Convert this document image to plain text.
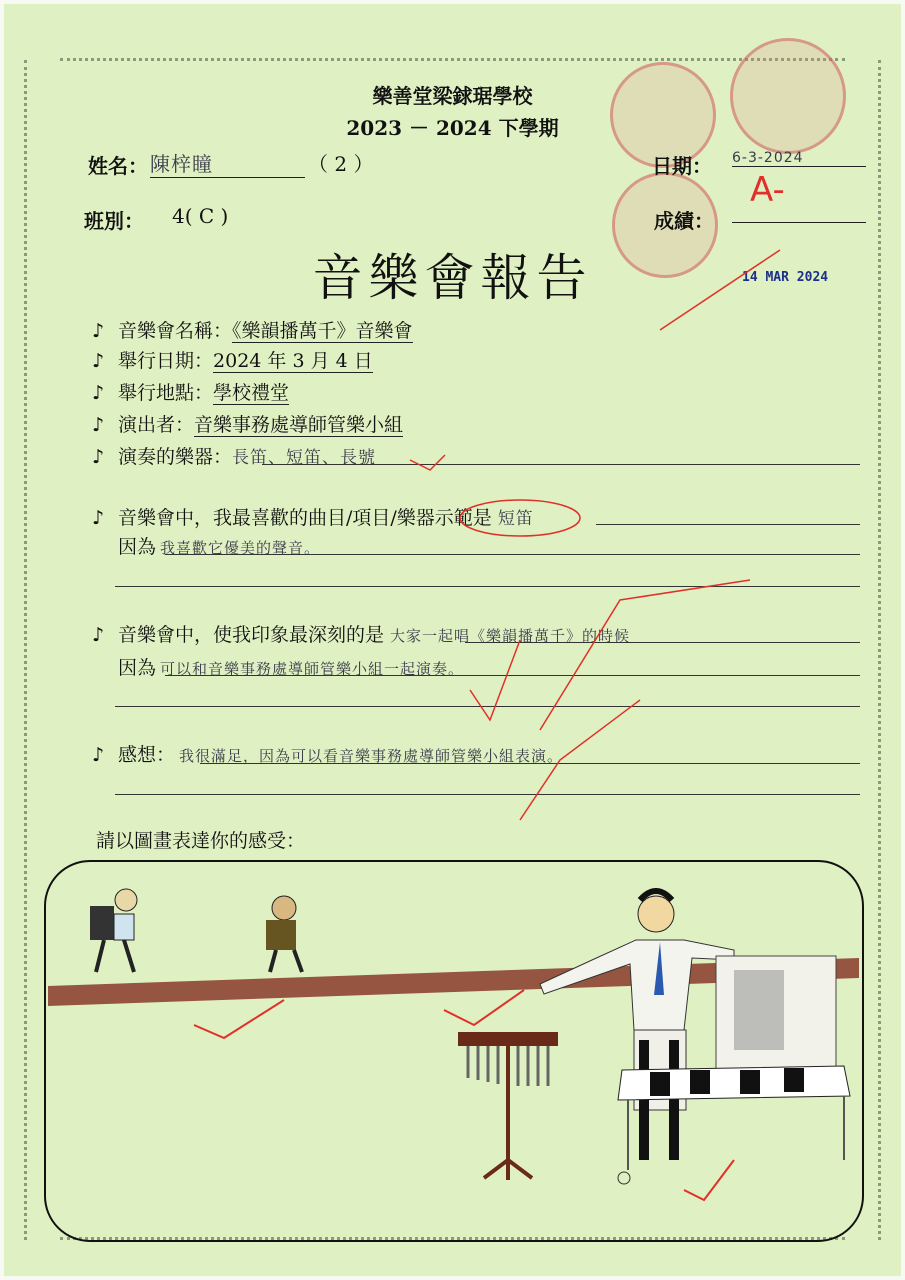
樂善堂梁銶琚學校
2023 － 2024 下學期
姓名： 陳梓瞳	（ 2 ）	日期： 6-3-2024
班別： 4( C )	成績：
A-
音樂會報告	14 MAR 2024
♪ 音樂會名稱：《樂韻播萬千》音樂會
♪ 舉行日期：2024 年 3 月 4 日
♪ 舉行地點：學校禮堂
♪ 演出者：音樂事務處導師管樂小組
♪ 演奏的樂器：長笛、短笛、長號
♪ 音樂會中，我最喜歡的曲目/項目/樂器示範是 短笛
因為 我喜歡它優美的聲音。
♪ 音樂會中，使我印象最深刻的是 大家一起唱《樂韻播萬千》的時候
因為 可以和音樂事務處導師管樂小組一起演奏。
♪ 感想： 我很滿足，因為可以看音樂事務處導師管樂小組表演。
請以圖畫表達你的感受：
